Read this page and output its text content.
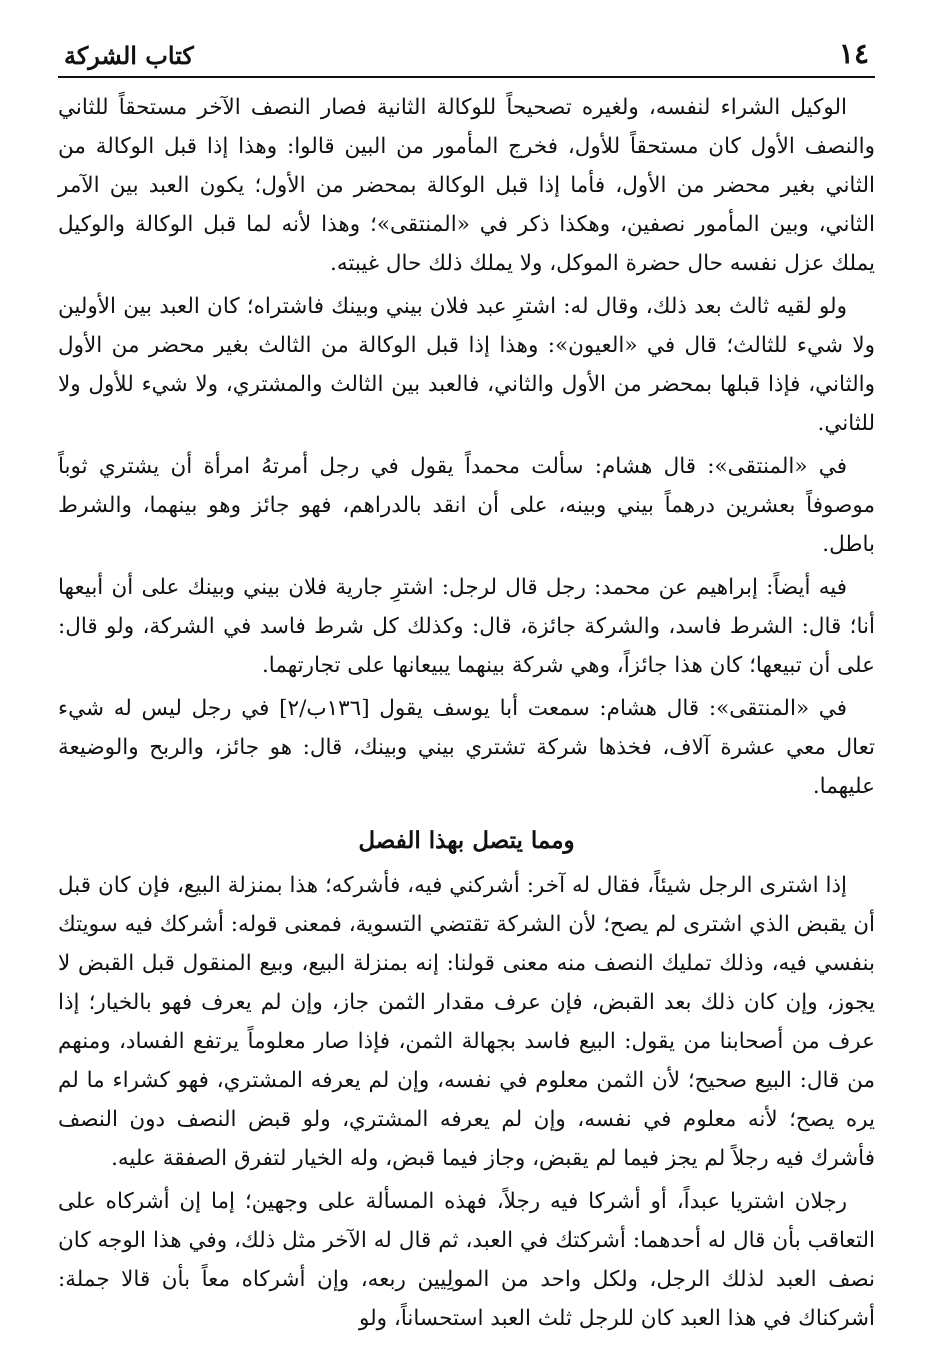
١٤
كتاب الشركة

الوكيل الشراء لنفسه، ولغيره تصحيحاً للوكالة الثانية فصار النصف الآخر مستحقاً للثاني والنصف الأول كان مستحقاً للأول، فخرج المأمور من البين قالوا: وهذا إذا قبل الوكالة من الثاني بغير محضر من الأول، فأما إذا قبل الوكالة بمحضر من الأول؛ يكون العبد بين الآمر الثاني، وبين المأمور نصفين، وهكذا ذكر في «المنتقى»؛ وهذا لأنه لما قبل الوكالة والوكيل يملك عزل نفسه حال حضرة الموكل، ولا يملك ذلك حال غيبته.

ولو لقيه ثالث بعد ذلك، وقال له: اشترِ عبد فلان بيني وبينك فاشتراه؛ كان العبد بين الأولين ولا شيء للثالث؛ قال في «العيون»: وهذا إذا قبل الوكالة من الثالث بغير محضر من الأول والثاني، فإذا قبلها بمحضر من الأول والثاني، فالعبد بين الثالث والمشتري، ولا شيء للأول ولا للثاني.

في «المنتقى»: قال هشام: سألت محمداً يقول في رجل أمرتهُ امرأة أن يشتري ثوباً موصوفاً بعشرين درهماً بيني وبينه، على أن انقد بالدراهم، فهو جائز وهو بينهما، والشرط باطل.

فيه أيضاً: إبراهيم عن محمد: رجل قال لرجل: اشترِ جارية فلان بيني وبينك على أن أبيعها أنا؛ قال: الشرط فاسد، والشركة جائزة، قال: وكذلك كل شرط فاسد في الشركة، ولو قال: على أن تبيعها؛ كان هذا جائزاً، وهي شركة بينهما يبيعانها على تجارتهما.

في «المنتقى»: قال هشام: سمعت أبا يوسف يقول [١٣٦ب/٢] في رجل ليس له شيء تعال معي عشرة آلاف، فخذها شركة تشتري بيني وبينك، قال: هو جائز، والربح والوضيعة عليهما.

ومما يتصل بهذا الفصل

إذا اشترى الرجل شيئاً، فقال له آخر: أشركني فيه، فأشركه؛ هذا بمنزلة البيع، فإن كان قبل أن يقبض الذي اشترى لم يصح؛ لأن الشركة تقتضي التسوية، فمعنى قوله: أشركك فيه سويتك بنفسي فيه، وذلك تمليك النصف منه معنى قولنا: إنه بمنزلة البيع، وبيع المنقول قبل القبض لا يجوز، وإن كان ذلك بعد القبض، فإن عرف مقدار الثمن جاز، وإن لم يعرف فهو بالخيار؛ إذا عرف من أصحابنا من يقول: البيع فاسد بجهالة الثمن، فإذا صار معلوماً يرتفع الفساد، ومنهم من قال: البيع صحيح؛ لأن الثمن معلوم في نفسه، وإن لم يعرفه المشتري، فهو كشراء ما لم يره يصح؛ لأنه معلوم في نفسه، وإن لم يعرفه المشتري، ولو قبض النصف دون النصف فأشرك فيه رجلاً لم يجز فيما لم يقبض، وجاز فيما قبض، وله الخيار لتفرق الصفقة عليه.

رجلان اشتريا عبداً، أو أشركا فيه رجلاً، فهذه المسألة على وجهين؛ إما إن أشركاه على التعاقب بأن قال له أحدهما: أشركتك في العبد، ثم قال له الآخر مثل ذلك، وفي هذا الوجه كان نصف العبد لذلك الرجل، ولكل واحد من المولِيين ربعه، وإن أشركاه معاً بأن قالا جملة: أشركناك في هذا العبد كان للرجل ثلث العبد استحساناً، ولو
